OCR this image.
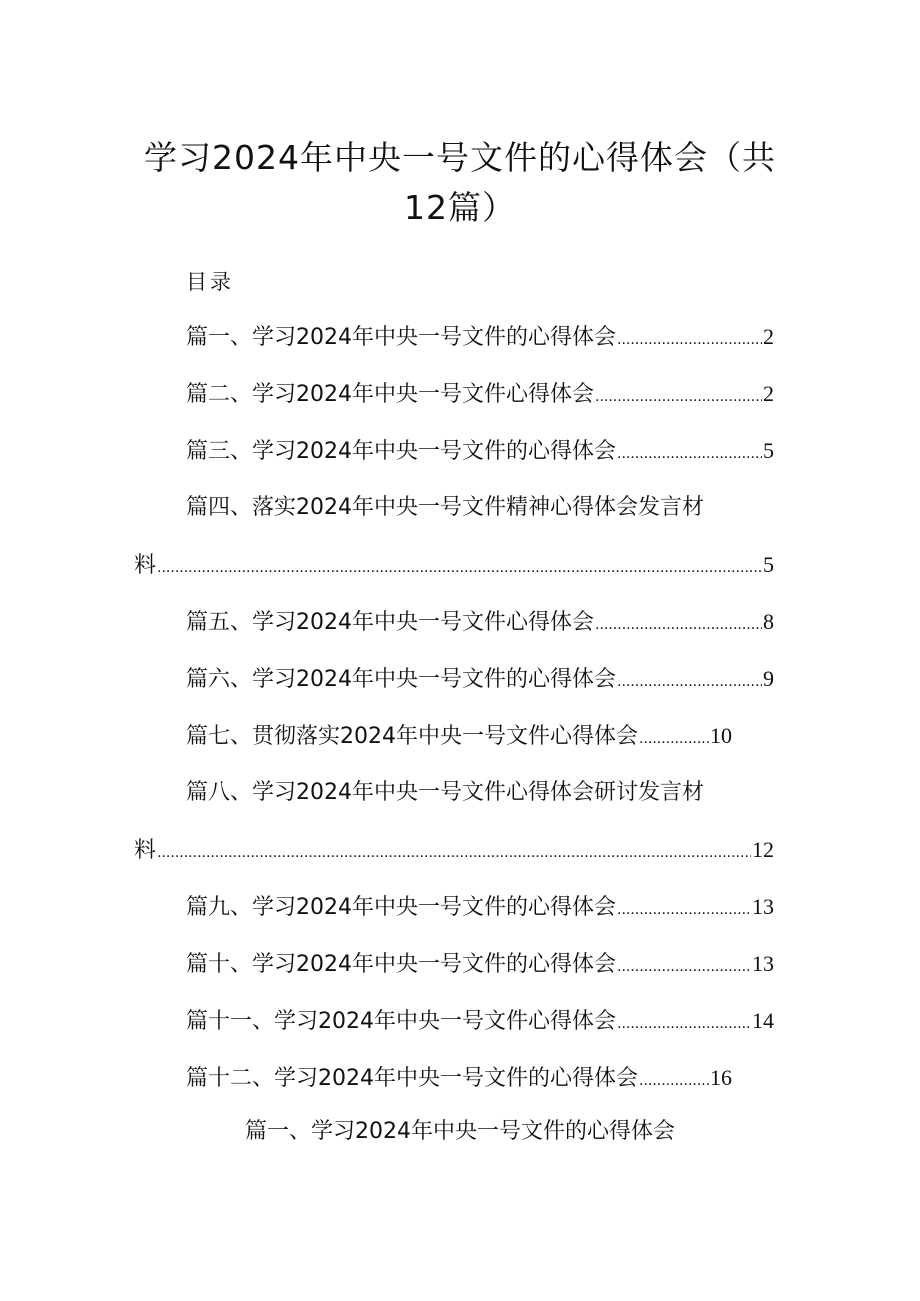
学习2024年中央一号文件的心得体会（共
12篇）
目录
篇一、学习2024年中央一号文件的心得体会 .....	2
篇二、学习2024年中央一号文件心得体会 .....	2
篇三、学习2024年中央一号文件的心得体会 .....	5
篇四、落实2024年中央一号文件精神心得体会发言材
料 .....	5
篇五、学习2024年中央一号文件心得体会 .....	8
篇六、学习2024年中央一号文件的心得体会 .....	9
篇七、贯彻落实2024年中央一号文件心得体会 .....	10
篇八、学习2024年中央一号文件心得体会研讨发言材
料 .....	12
篇九、学习2024年中央一号文件的心得体会 .....	13
篇十、学习2024年中央一号文件的心得体会 .....	13
篇十一、学习2024年中央一号文件心得体会 .....	14
篇十二、学习2024年中央一号文件的心得体会 .....	16
篇一、学习2024年中央一号文件的心得体会
